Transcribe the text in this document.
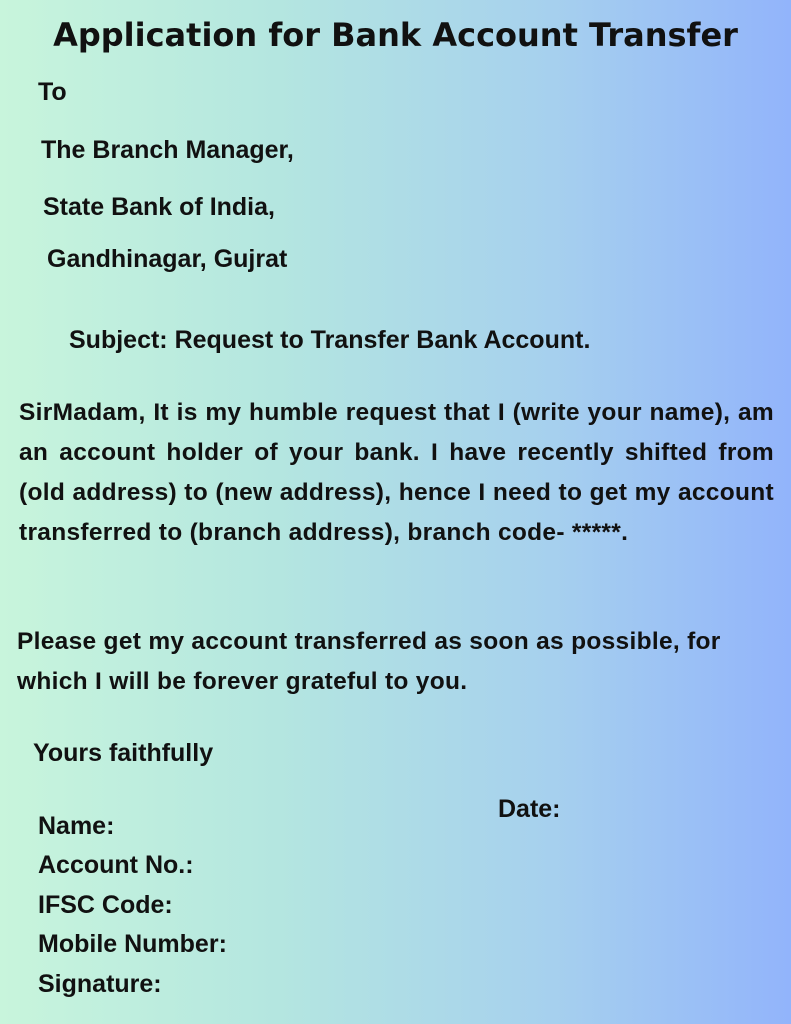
Application for Bank Account Transfer
To
The Branch Manager,
State Bank of India,
Gandhinagar, Gujrat
Subject: Request to Transfer Bank Account.
SirMadam, It is my humble request that I (write your name), am an account holder of your bank. I have recently shifted from (old address) to (new address), hence I need to get my account transferred to (branch address), branch code- *****.
Please get my account transferred as soon as possible, for which I will be forever grateful to you.
Yours faithfully
Date:
Name:
Account No.:
IFSC Code:
Mobile Number:
Signature:
